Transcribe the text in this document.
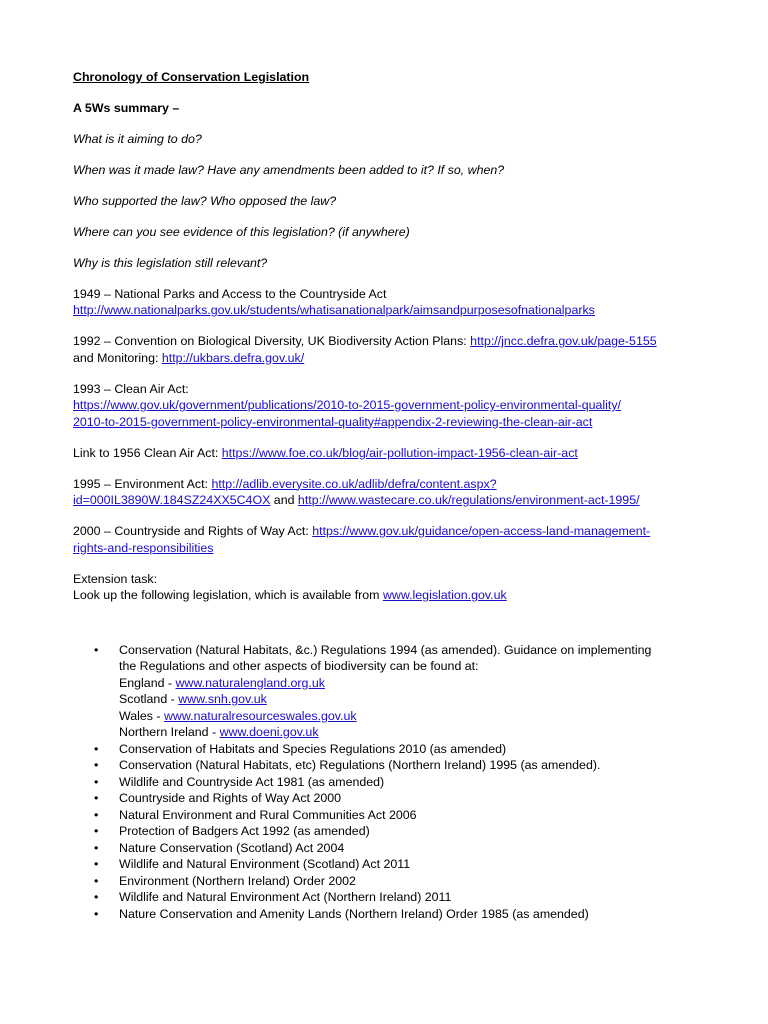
Chronology of Conservation Legislation

A 5Ws summary –

What is it aiming to do?

When was it made law? Have any amendments been added to it? If so, when?

Who supported the law? Who opposed the law?

Where can you see evidence of this legislation? (if anywhere)

Why is this legislation still relevant?

1949 – National Parks and Access to the Countryside Act
http://www.nationalparks.gov.uk/students/whatisanationalpark/aimsandpurposesofnationalparks

1992 – Convention on Biological Diversity, UK Biodiversity Action Plans: http://jncc.defra.gov.uk/page-5155
and Monitoring: http://ukbars.defra.gov.uk/

1993 – Clean Air Act:
https://www.gov.uk/government/publications/2010-to-2015-government-policy-environmental-quality/
2010-to-2015-government-policy-environmental-quality#appendix-2-reviewing-the-clean-air-act

Link to 1956 Clean Air Act: https://www.foe.co.uk/blog/air-pollution-impact-1956-clean-air-act

1995 – Environment Act: http://adlib.everysite.co.uk/adlib/defra/content.aspx?
id=000IL3890W.184SZ24XX5C4OX and http://www.wastecare.co.uk/regulations/environment-act-1995/

2000 – Countryside and Rights of Way Act: https://www.gov.uk/guidance/open-access-land-management-
rights-and-responsibilities

Extension task:
Look up the following legislation, which is available from www.legislation.gov.uk

• Conservation (Natural Habitats, &c.) Regulations 1994 (as amended). Guidance on implementing
the Regulations and other aspects of biodiversity can be found at:
England - www.naturalengland.org.uk
Scotland - www.snh.gov.uk
Wales - www.naturalresourceswales.gov.uk
Northern Ireland - www.doeni.gov.uk
• Conservation of Habitats and Species Regulations 2010 (as amended)
• Conservation (Natural Habitats, etc) Regulations (Northern Ireland) 1995 (as amended).
• Wildlife and Countryside Act 1981 (as amended)
• Countryside and Rights of Way Act 2000
• Natural Environment and Rural Communities Act 2006
• Protection of Badgers Act 1992 (as amended)
• Nature Conservation (Scotland) Act 2004
• Wildlife and Natural Environment (Scotland) Act 2011
• Environment (Northern Ireland) Order 2002
• Wildlife and Natural Environment Act (Northern Ireland) 2011
• Nature Conservation and Amenity Lands (Northern Ireland) Order 1985 (as amended)
